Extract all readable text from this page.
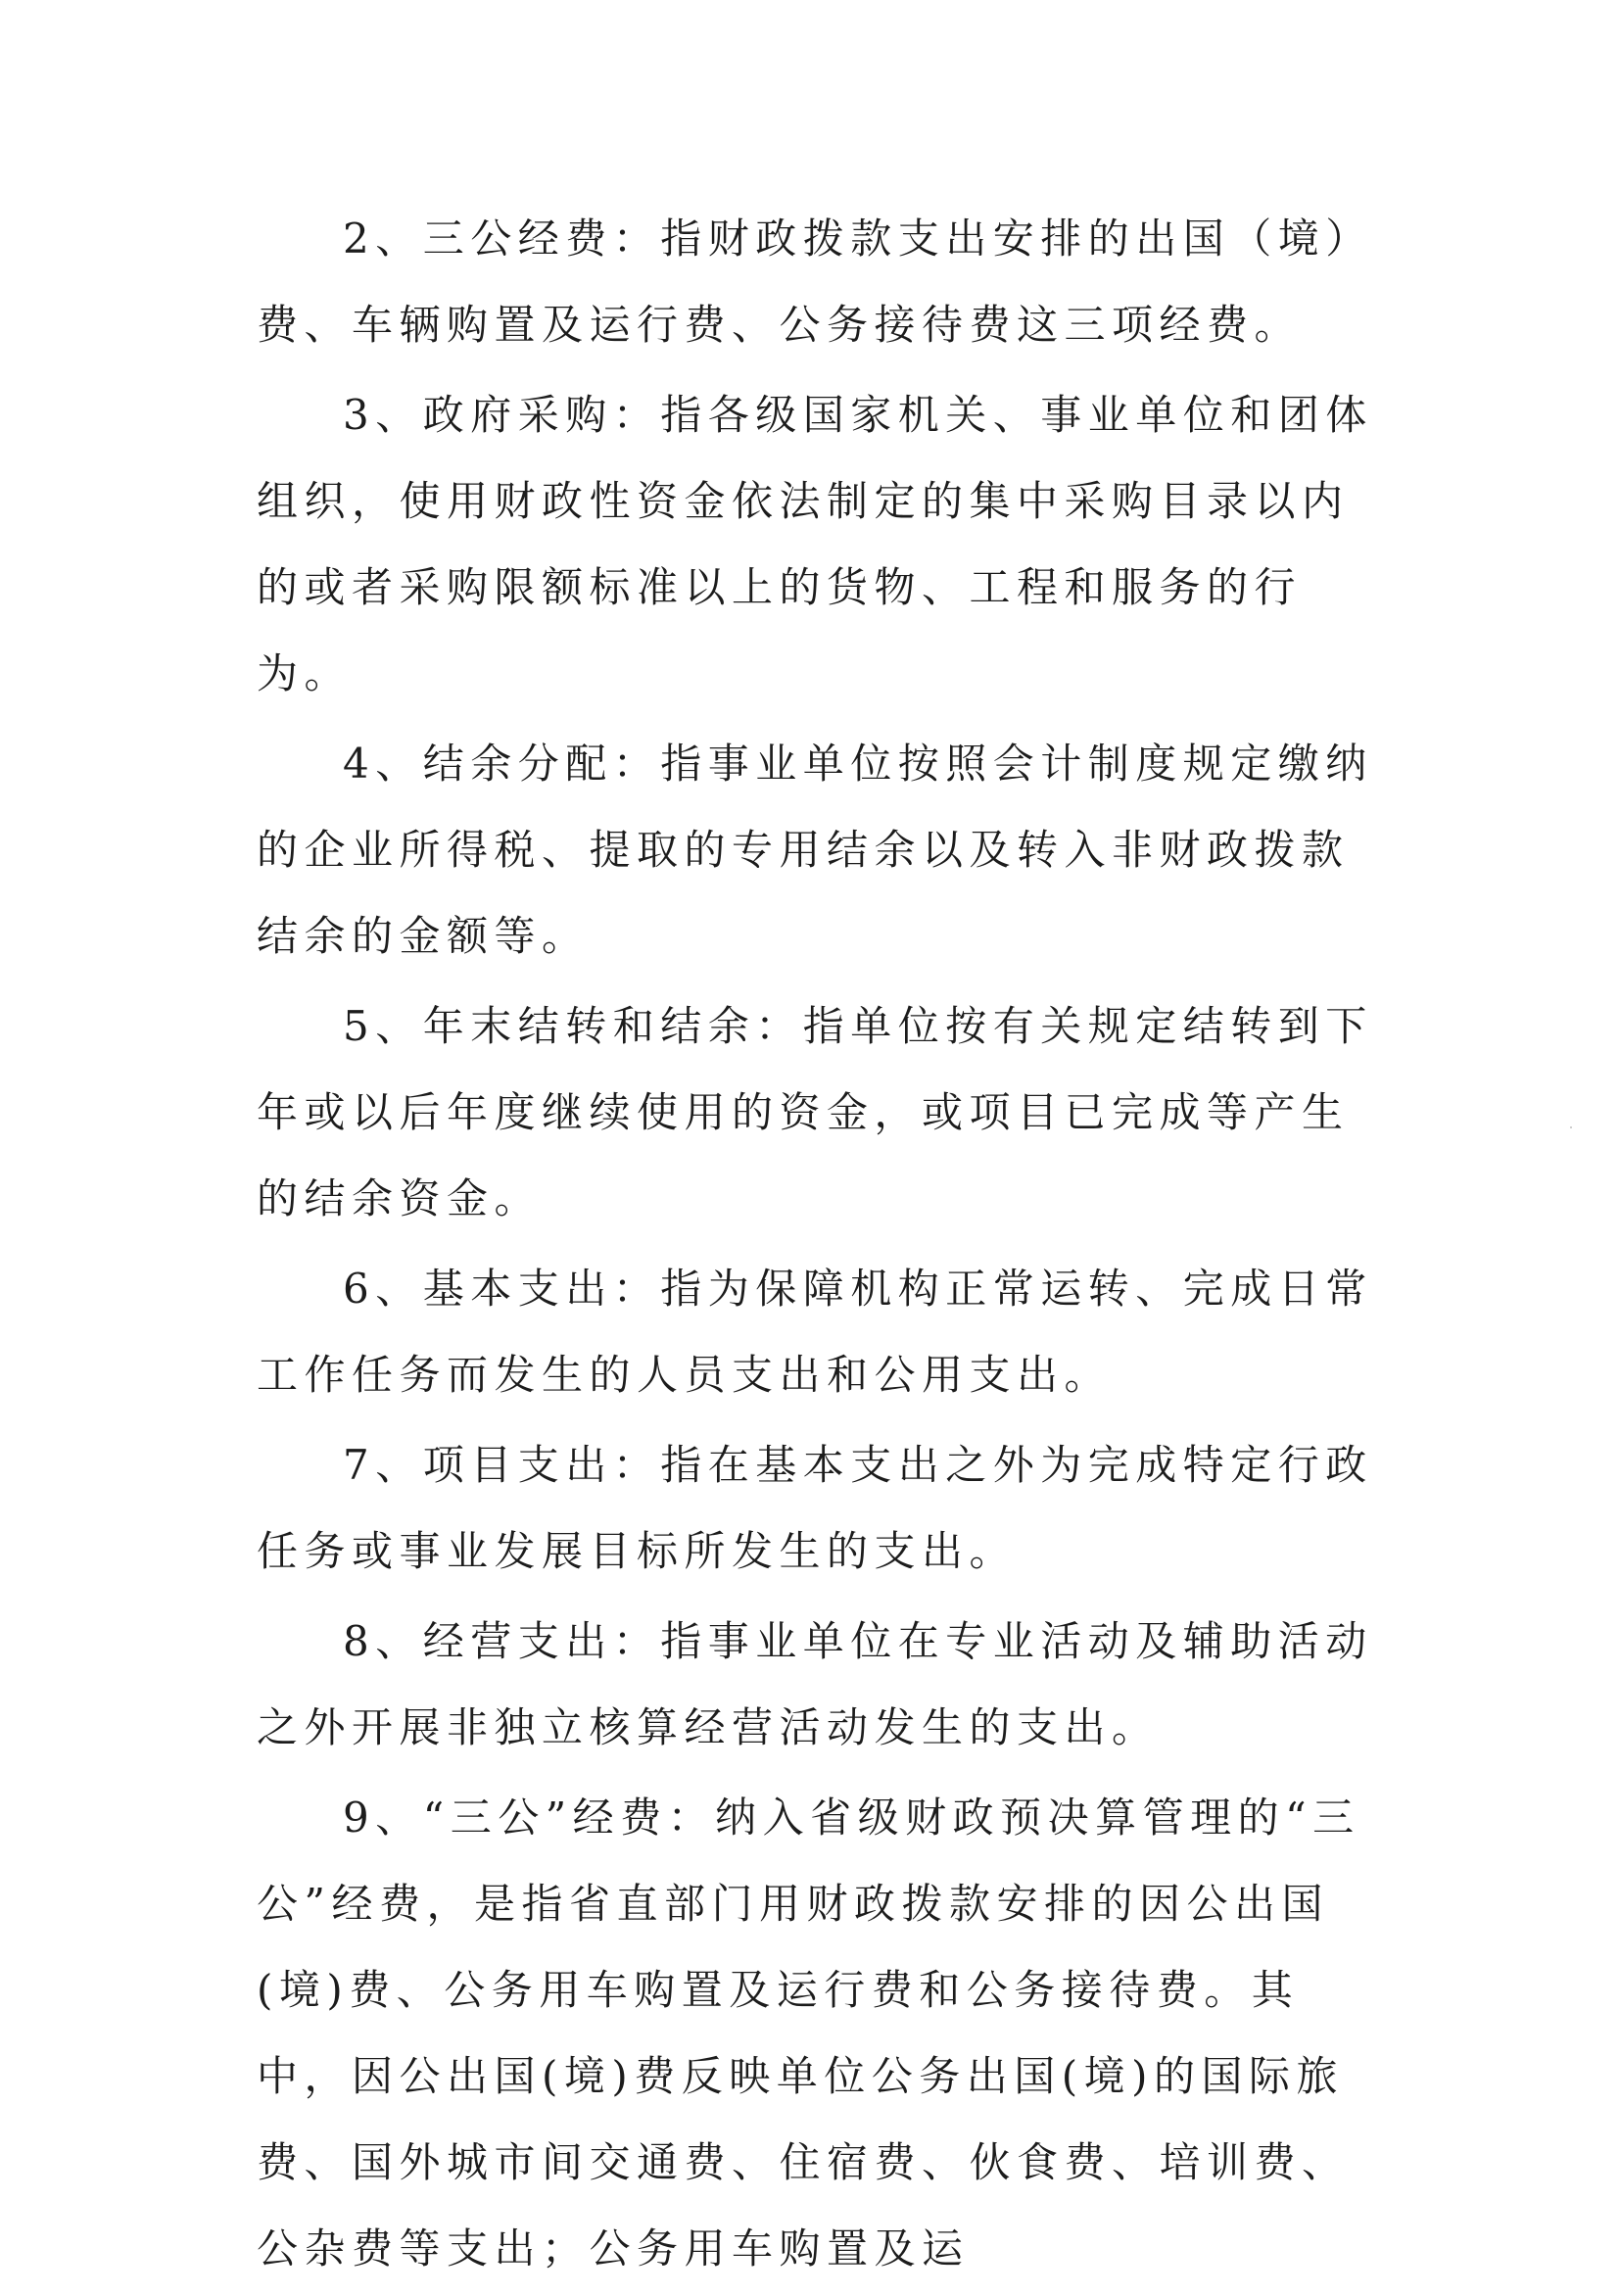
2、三公经费：指财政拨款支出安排的出国（境）费、车辆购置及运行费、公务接待费这三项经费。

3、政府采购：指各级国家机关、事业单位和团体组织，使用财政性资金依法制定的集中采购目录以内的或者采购限额标准以上的货物、工程和服务的行为。

4、结余分配：指事业单位按照会计制度规定缴纳的企业所得税、提取的专用结余以及转入非财政拨款结余的金额等。

5、年末结转和结余：指单位按有关规定结转到下年或以后年度继续使用的资金，或项目已完成等产生的结余资金。

6、基本支出：指为保障机构正常运转、完成日常工作任务而发生的人员支出和公用支出。

7、项目支出：指在基本支出之外为完成特定行政任务或事业发展目标所发生的支出。

8、经营支出：指事业单位在专业活动及辅助活动之外开展非独立核算经营活动发生的支出。

9、“三公”经费：纳入省级财政预决算管理的“三公”经费，是指省直部门用财政拨款安排的因公出国(境)费、公务用车购置及运行费和公务接待费。其中，因公出国(境)费反映单位公务出国(境)的国际旅费、国外城市间交通费、住宿费、伙食费、培训费、公杂费等支出；公务用车购置及运
